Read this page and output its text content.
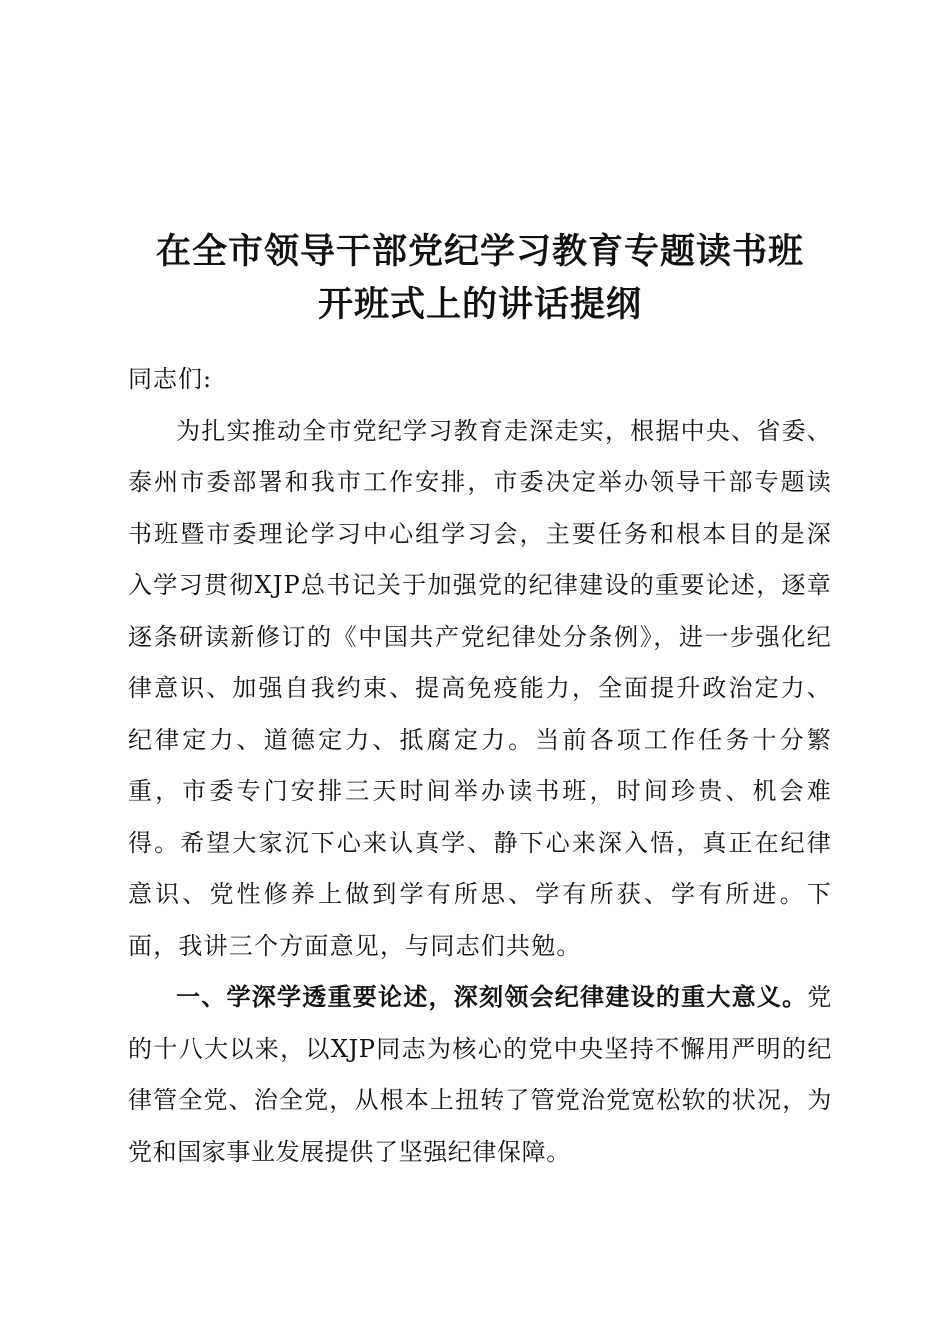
在全市领导干部党纪学习教育专题读书班
开班式上的讲话提纲

同志们:

为扎实推动全市党纪学习教育走深走实，根据中央、省委、泰州市委部署和我市工作安排，市委决定举办领导干部专题读书班暨市委理论学习中心组学习会，主要任务和根本目的是深入学习贯彻XJP总书记关于加强党的纪律建设的重要论述，逐章逐条研读新修订的《中国共产党纪律处分条例》，进一步强化纪律意识、加强自我约束、提高免疫能力，全面提升政治定力、纪律定力、道德定力、抵腐定力。当前各项工作任务十分繁重，市委专门安排三天时间举办读书班，时间珍贵、机会难得。希望大家沉下心来认真学、静下心来深入悟，真正在纪律意识、党性修养上做到学有所思、学有所获、学有所进。下面，我讲三个方面意见，与同志们共勉。

一、学深学透重要论述，深刻领会纪律建设的重大意义。党的十八大以来，以XJP同志为核心的党中央坚持不懈用严明的纪律管全党、治全党，从根本上扭转了管党治党宽松软的状况，为党和国家事业发展提供了坚强纪律保障。
